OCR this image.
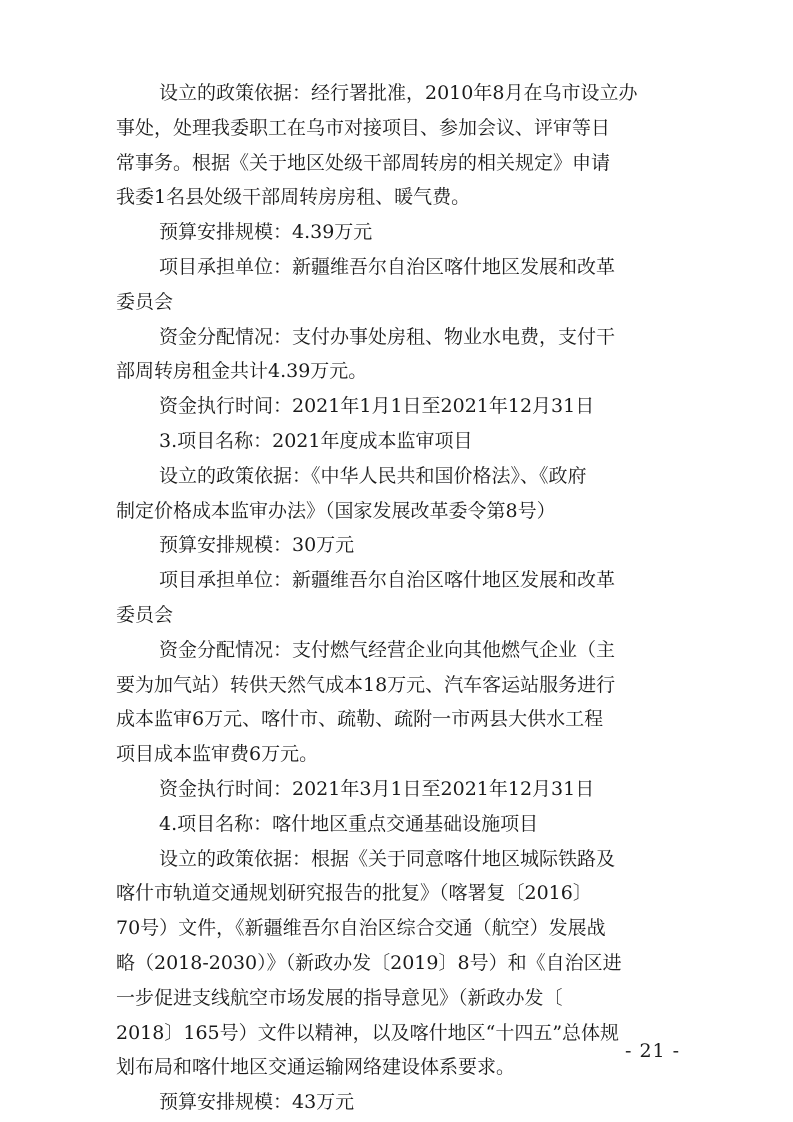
设立的政策依据：经行署批准，2010年8月在乌市设立办
事处，处理我委职工在乌市对接项目、参加会议、评审等日
常事务。根据《关于地区处级干部周转房的相关规定》申请
我委1名县处级干部周转房房租、暖气费。
预算安排规模：4.39万元
项目承担单位：新疆维吾尔自治区喀什地区发展和改革
委员会
资金分配情况：支付办事处房租、物业水电费，支付干
部周转房租金共计4.39万元。
资金执行时间：2021年1月1日至2021年12月31日
3.项目名称：2021年度成本监审项目
设立的政策依据：《中华人民共和国价格法》、《政府
制定价格成本监审办法》（国家发展改革委令第8号）
预算安排规模：30万元
项目承担单位：新疆维吾尔自治区喀什地区发展和改革
委员会
资金分配情况：支付燃气经营企业向其他燃气企业（主
要为加气站）转供天然气成本18万元、汽车客运站服务进行
成本监审6万元、喀什市、疏勒、疏附一市两县大供水工程
项目成本监审费6万元。
资金执行时间：2021年3月1日至2021年12月31日
4.项目名称：喀什地区重点交通基础设施项目
设立的政策依据：根据《关于同意喀什地区城际铁路及
喀什市轨道交通规划研究报告的批复》（喀署复〔2016〕
70号）文件，《新疆维吾尔自治区综合交通（航空）发展战
略（2018-2030）》（新政办发〔2019〕8号）和《自治区进
一步促进支线航空市场发展的指导意见》（新政办发〔
2018〕165号）文件以精神，以及喀什地区“十四五”总体规
划布局和喀什地区交通运输网络建设体系要求。
预算安排规模：43万元
- 21 -
